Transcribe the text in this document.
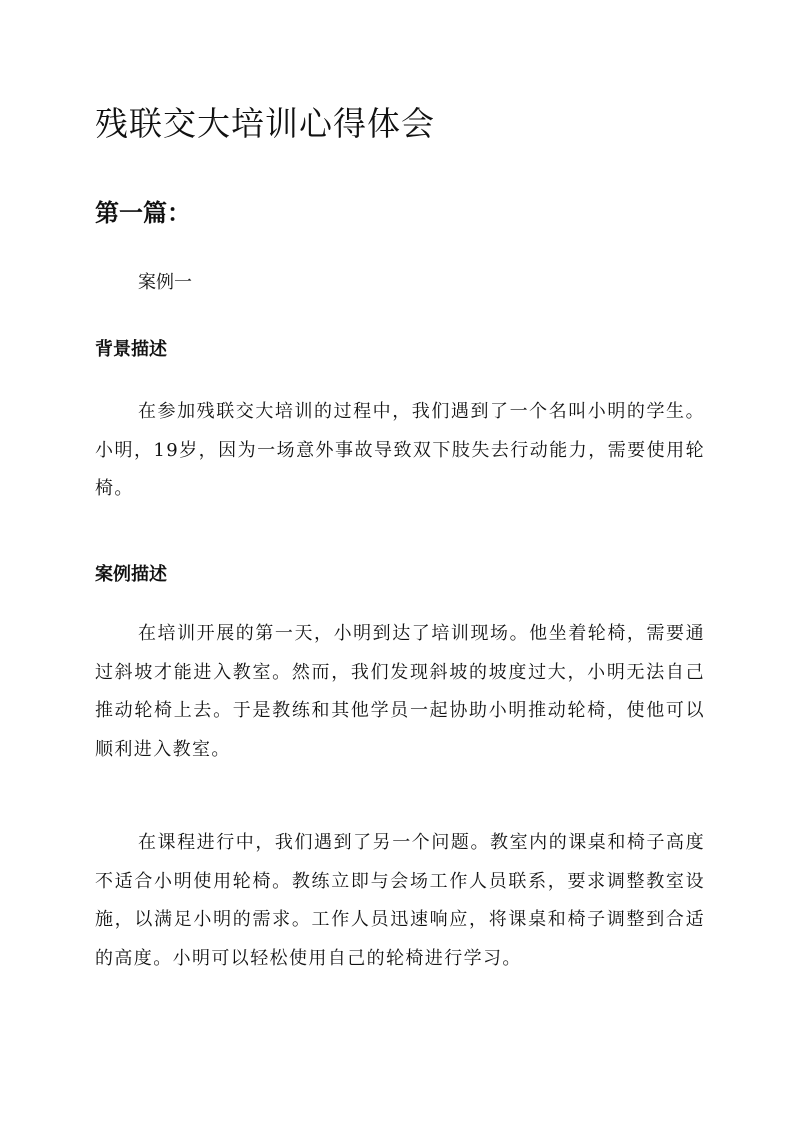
残联交大培训心得体会
第一篇：

案例一

背景描述

在参加残联交大培训的过程中，我们遇到了一个名叫小明的学生。小明，19岁，因为一场意外事故导致双下肢失去行动能力，需要使用轮椅。

案例描述

在培训开展的第一天，小明到达了培训现场。他坐着轮椅，需要通过斜坡才能进入教室。然而，我们发现斜坡的坡度过大，小明无法自己推动轮椅上去。于是教练和其他学员一起协助小明推动轮椅，使他可以顺利进入教室。

在课程进行中，我们遇到了另一个问题。教室内的课桌和椅子高度不适合小明使用轮椅。教练立即与会场工作人员联系，要求调整教室设施，以满足小明的需求。工作人员迅速响应，将课桌和椅子调整到合适的高度。小明可以轻松使用自己的轮椅进行学习。
